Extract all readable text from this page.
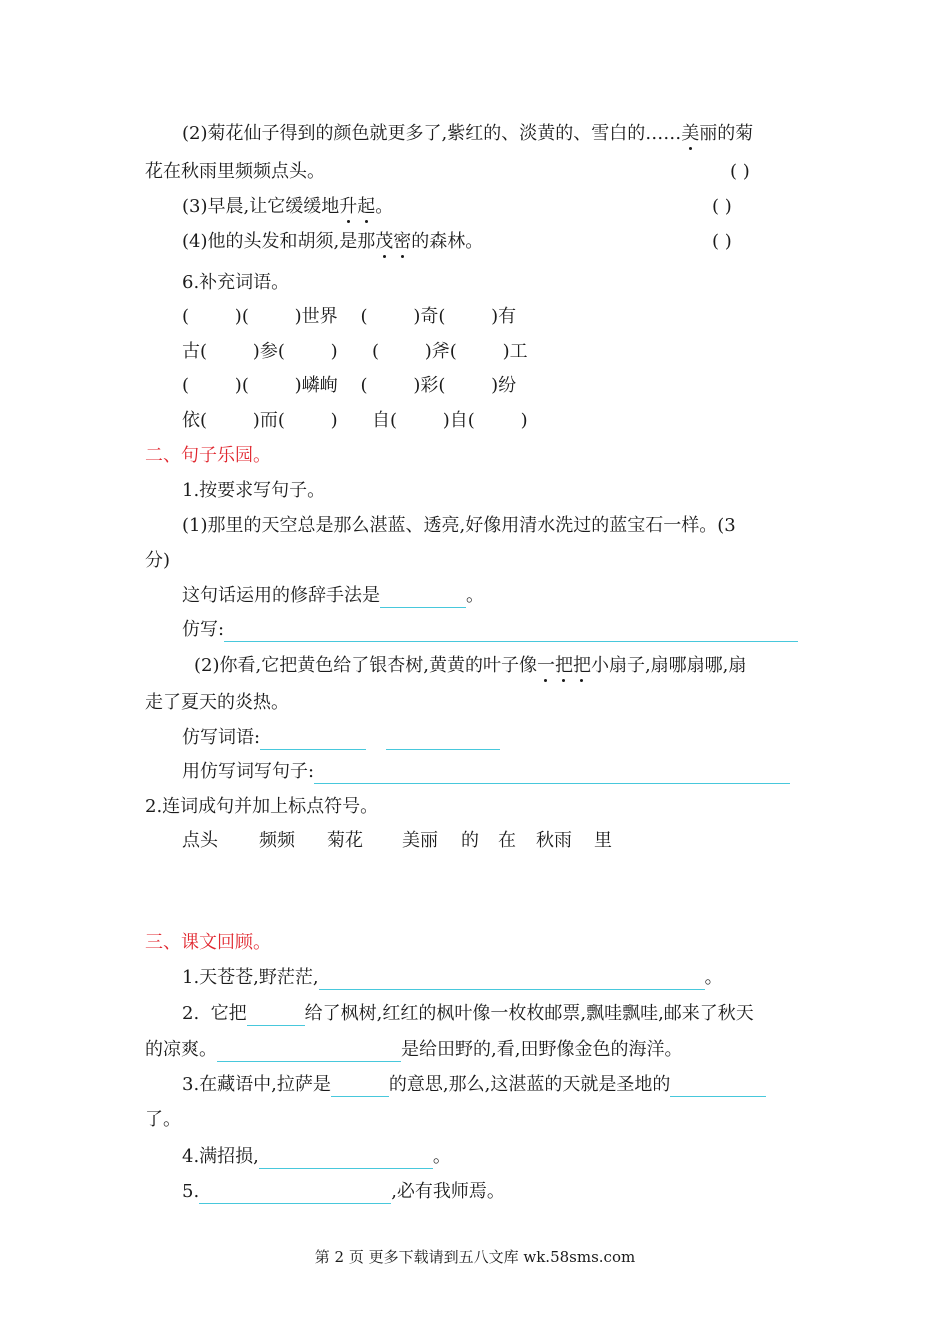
(2)菊花仙子得到的颜色就更多了,紫红的、淡黄的、雪白的……美丽的菊
花在秋雨里频频点头。	( )
(3)早晨,让它缓缓地升起。	( )
(4)他的头发和胡须,是那茂密的森林。	( )
6.补充词语。
(        )(        )世界    (        )奇(        )有
古(        )参(        )      (        )斧(        )工
(        )(        )嶙峋    (        )彩(        )纷
依(        )而(        )      自(        )自(        )
二、句子乐园。
1.按要求写句子。
(1)那里的天空总是那么湛蓝、透亮,好像用清水洗过的蓝宝石一样。(3
分)
这句话运用的修辞手法是	。
仿写:
(2)你看,它把黄色给了银杏树,黄黄的叶子像一把把小扇子,扇哪扇哪,扇
走了夏天的炎热。
仿写词语:
用仿写词写句子:
2.连词成句并加上标点符号。
点头 频频 菊花 美丽 的 在 秋雨 里
三、课文回顾。
1.天苍苍,野茫茫,	。
2.  它把	给了枫树,红红的枫叶像一枚枚邮票,飘哇飘哇,邮来了秋天
的凉爽。	是给田野的,看,田野像金色的海洋。
3.在藏语中,拉萨是	的意思,那么,这湛蓝的天就是圣地的
了。
4.满招损,	。
5.	,必有我师焉。
第 2 页 更多下载请到五八文库 wk.58sms.com
